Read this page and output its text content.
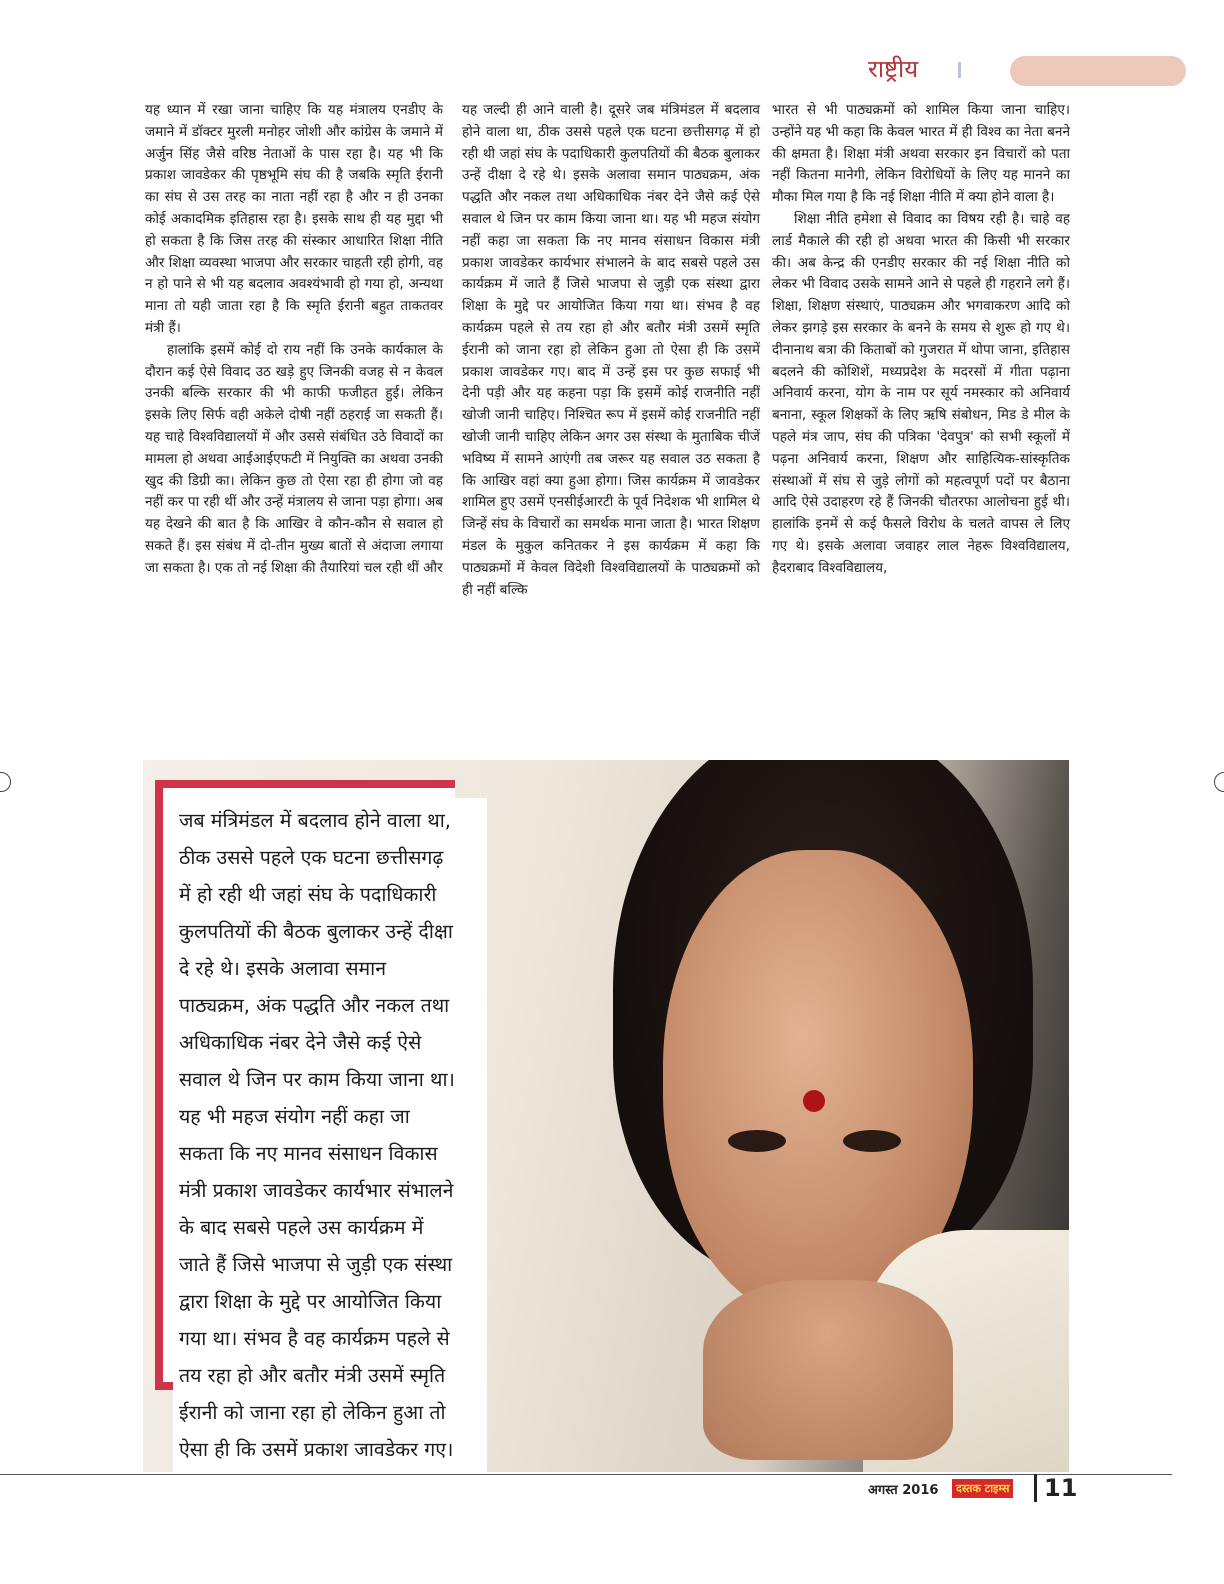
राष्ट्रीय

यह ध्यान में रखा जाना चाहिए कि यह मंत्रालय एनडीए के जमाने में डॉक्टर मुरली मनोहर जोशी और कांग्रेस के जमाने में अर्जुन सिंह जैसे वरिष्ठ नेताओं के पास रहा है। यह भी कि प्रकाश जावडेकर की पृष्ठभूमि संघ की है जबकि स्मृति ईरानी का संघ से उस तरह का नाता नहीं रहा है और न ही उनका कोई अकादमिक इतिहास रहा है। इसके साथ ही यह मुद्दा भी हो सकता है कि जिस तरह की संस्कार आधारित शिक्षा नीति और शिक्षा व्यवस्था भाजपा और सरकार चाहती रही होगी, वह न हो पाने से भी यह बदलाव अवश्यंभावी हो गया हो, अन्यथा माना तो यही जाता रहा है कि स्मृति ईरानी बहुत ताकतवर मंत्री हैं।

हालांकि इसमें कोई दो राय नहीं कि उनके कार्यकाल के दौरान कई ऐसे विवाद उठ खड़े हुए जिनकी वजह से न केवल उनकी बल्कि सरकार की भी काफी फजीहत हुई। लेकिन इसके लिए सिर्फ वही अकेले दोषी नहीं ठहराई जा सकती हैं। यह चाहे विश्वविद्यालयों में और उससे संबंधित उठे विवादों का मामला हो अथवा आईआईएफटी में नियुक्ति का अथवा उनकी खुद की डिग्री का। लेकिन कुछ तो ऐसा रहा ही होगा जो वह नहीं कर पा रही थीं और उन्हें मंत्रालय से जाना पड़ा होगा। अब यह देखने की बात है कि आखिर वे कौन-कौन से सवाल हो सकते हैं। इस संबंध में दो-तीन मुख्य बातों से अंदाजा लगाया जा सकता है। एक तो नई शिक्षा की तैयारियां चल रही थीं और

यह जल्दी ही आने वाली है। दूसरे जब मंत्रिमंडल में बदलाव होने वाला था, ठीक उससे पहले एक घटना छत्तीसगढ़ में हो रही थी जहां संघ के पदाधिकारी कुलपतियों की बैठक बुलाकर उन्हें दीक्षा दे रहे थे। इसके अलावा समान पाठ्यक्रम, अंक पद्धति और नकल तथा अधिकाधिक नंबर देने जैसे कई ऐसे सवाल थे जिन पर काम किया जाना था। यह भी महज संयोग नहीं कहा जा सकता कि नए मानव संसाधन विकास मंत्री प्रकाश जावडेकर कार्यभार संभालने के बाद सबसे पहले उस कार्यक्रम में जाते हैं जिसे भाजपा से जुड़ी एक संस्था द्वारा शिक्षा के मुद्दे पर आयोजित किया गया था। संभव है वह कार्यक्रम पहले से तय रहा हो और बतौर मंत्री उसमें स्मृति ईरानी को जाना रहा हो लेकिन हुआ तो ऐसा ही कि उसमें प्रकाश जावडेकर गए। बाद में उन्हें इस पर कुछ सफाई भी देनी पड़ी और यह कहना पड़ा कि इसमें कोई राजनीति नहीं खोजी जानी चाहिए। निश्चित रूप में इसमें कोई राजनीति नहीं खोजी जानी चाहिए लेकिन अगर उस संस्था के मुताबिक चीजें भविष्य में सामने आएंगी तब जरूर यह सवाल उठ सकता है कि आखिर वहां क्या हुआ होगा। जिस कार्यक्रम में जावडेकर शामिल हुए उसमें एनसीईआरटी के पूर्व निदेशक भी शामिल थे जिन्हें संघ के विचारों का समर्थक माना जाता है। भारत शिक्षण मंडल के मुकुल कनितकर ने इस कार्यक्रम में कहा कि पाठ्यक्रमों में केवल विदेशी विश्वविद्यालयों के पाठ्यक्रमों को ही नहीं बल्कि

भारत से भी पाठ्यक्रमों को शामिल किया जाना चाहिए। उन्होंने यह भी कहा कि केवल भारत में ही विश्व का नेता बनने की क्षमता है। शिक्षा मंत्री अथवा सरकार इन विचारों को पता नहीं कितना मानेगी, लेकिन विरोधियों के लिए यह मानने का मौका मिल गया है कि नई शिक्षा नीति में क्या होने वाला है।

शिक्षा नीति हमेशा से विवाद का विषय रही है। चाहे वह लार्ड मैकाले की रही हो अथवा भारत की किसी भी सरकार की। अब केन्द्र की एनडीए सरकार की नई शिक्षा नीति को लेकर भी विवाद उसके सामने आने से पहले ही गहराने लगे हैं। शिक्षा, शिक्षण संस्थाएं, पाठ्यक्रम और भगवाकरण आदि को लेकर झगड़े इस सरकार के बनने के समय से शुरू हो गए थे। दीनानाथ बत्रा की किताबों को गुजरात में थोपा जाना, इतिहास बदलने की कोशिशें, मध्यप्रदेश के मदरसों में गीता पढ़ाना अनिवार्य करना, योग के नाम पर सूर्य नमस्कार को अनिवार्य बनाना, स्कूल शिक्षकों के लिए ऋषि संबोधन, मिड डे मील के पहले मंत्र जाप, संघ की पत्रिका 'देवपुत्र' को सभी स्कूलों में पढ़ना अनिवार्य करना, शिक्षण और साहित्यिक-सांस्कृतिक संस्थाओं में संघ से जुड़े लोगों को महत्वपूर्ण पदों पर बैठाना आदि ऐसे उदाहरण रहे हैं जिनकी चौतरफा आलोचना हुई थी। हालांकि इनमें से कई फैसले विरोध के चलते वापस ले लिए गए थे। इसके अलावा जवाहर लाल नेहरू विश्वविद्यालय, हैदराबाद विश्वविद्यालय,

जब मंत्रिमंडल में बदलाव होने वाला था,
ठीक उससे पहले एक घटना छत्तीसगढ़
में हो रही थी जहां संघ के पदाधिकारी
कुलपतियों की बैठक बुलाकर उन्हें दीक्षा
दे रहे थे। इसके अलावा समान
पाठ्यक्रम, अंक पद्धति और नकल तथा
अधिकाधिक नंबर देने जैसे कई ऐसे
सवाल थे जिन पर काम किया जाना था।
यह भी महज संयोग नहीं कहा जा
सकता कि नए मानव संसाधन विकास
मंत्री प्रकाश जावडेकर कार्यभार संभालने
के बाद सबसे पहले उस कार्यक्रम में
जाते हैं जिसे भाजपा से जुड़ी एक संस्था
द्वारा शिक्षा के मुद्दे पर आयोजित किया
गया था। संभव है वह कार्यक्रम पहले से
तय रहा हो और बतौर मंत्री उसमें स्मृति
ईरानी को जाना रहा हो लेकिन हुआ तो
ऐसा ही कि उसमें प्रकाश जावडेकर गए।
अगस्त 2016	दस्तक टाइम्स 11
